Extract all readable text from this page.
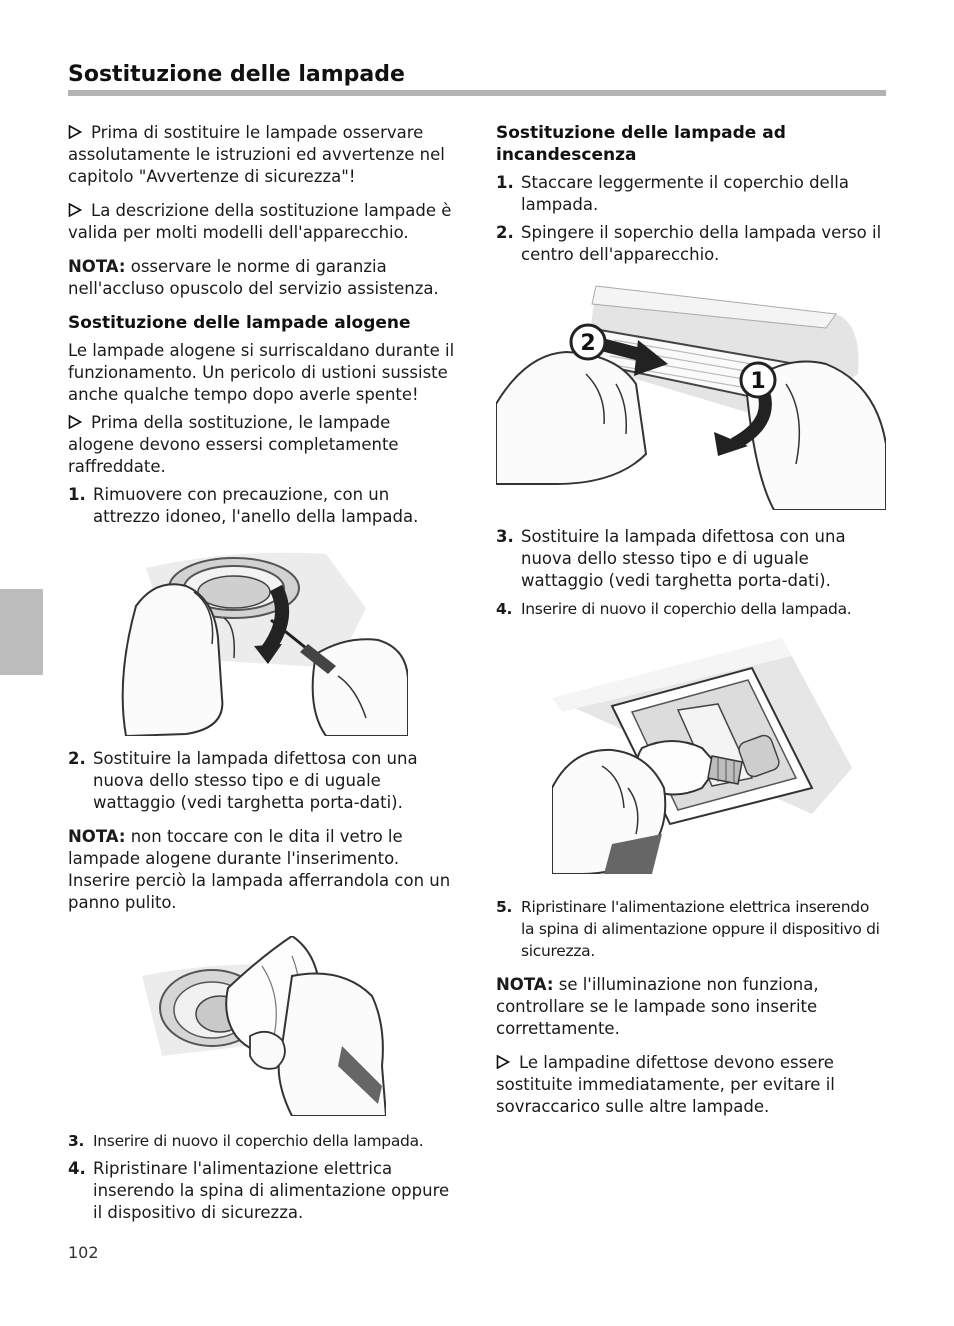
Sostituzione delle lampade

Prima di sostituire le lampade osservare assolutamente le istruzioni ed avvertenze nel capitolo "Avvertenze di sicurezza"!

La descrizione della sostituzione lampade è valida per molti modelli dell'apparecchio.

NOTA: osservare le norme di garanzia nell'accluso opuscolo del servizio assistenza.

Sostituzione delle lampade alogene

Le lampade alogene si surriscaldano durante il funzionamento. Un pericolo di ustioni sussiste anche qualche tempo dopo averle spente!

Prima della sostituzione, le lampade alogene devono essersi completamente raffreddate.

1. Rimuovere con precauzione, con un attrezzo idoneo, l'anello della lampada.
2. Sostituire la lampada difettosa con una nuova dello stesso tipo e di uguale wattaggio (vedi targhetta porta-dati).

NOTA: non toccare con le dita il vetro le lampade alogene durante l'inserimento. Inserire perciò la lampada afferrandola con un panno pulito.

3. Inserire di nuovo il coperchio della lampada.
4. Ripristinare l'alimentazione elettrica inserendo la spina di alimentazione oppure il dispositivo di sicurezza.
Sostituzione delle lampade ad incandescenza
1. Staccare leggermente il coperchio della lampada.
2. Spingere il soperchio della lampada verso il centro dell'apparecchio.
2
1
3. Sostituire la lampada difettosa con una nuova dello stesso tipo e di uguale wattaggio (vedi targhetta porta-dati).
4. Inserire di nuovo il coperchio della lampada.
5. Ripristinare l'alimentazione elettrica inserendo la spina di alimentazione oppure il dispositivo di sicurezza.

NOTA: se l'illuminazione non funziona, controllare se le lampade sono inserite correttamente.

Le lampadine difettose devono essere sostituite immediatamente, per evitare il sovraccarico sulle altre lampade.

102
